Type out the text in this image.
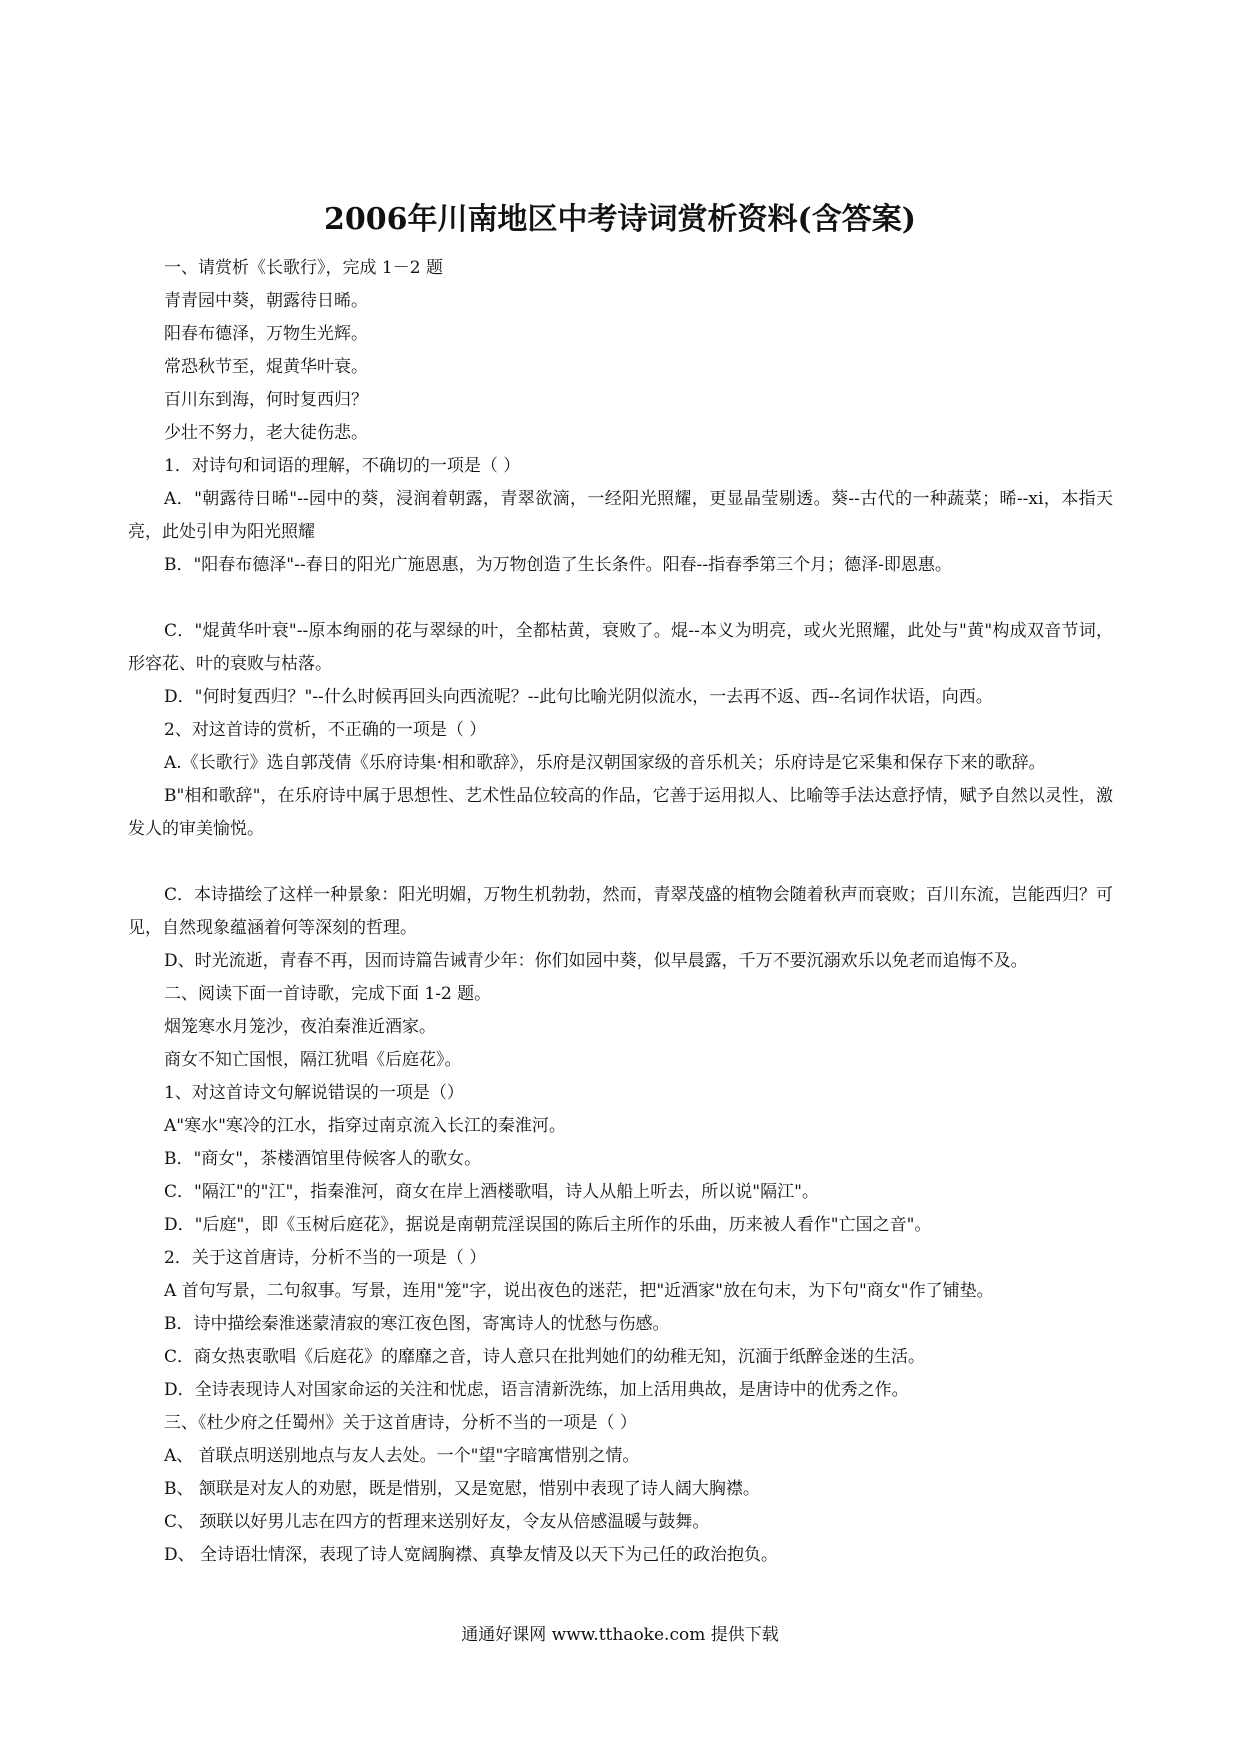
2006年川南地区中考诗词赏析资料(含答案)

一、请赏析《长歌行》，完成 1－2 题

青青园中葵，朝露待日晞。

阳春布德泽，万物生光辉。

常恐秋节至，焜黄华叶衰。

百川东到海，何时复西归？

少壮不努力，老大徒伤悲。

1．对诗句和词语的理解，不确切的一项是（ ）

A．"朝露待日晞"--园中的葵，浸润着朝露，青翠欲滴，一经阳光照耀，更显晶莹剔透。葵--古代的一种蔬菜；晞--xi，本指天亮，此处引申为阳光照耀

B．"阳春布德泽"--春日的阳光广施恩惠，为万物创造了生长条件。阳春--指春季第三个月；德泽-即恩惠。

C．"焜黄华叶衰"--原本绚丽的花与翠绿的叶，全都枯黄，衰败了。焜--本义为明亮，或火光照耀，此处与"黄"构成双音节词，形容花、叶的衰败与枯落。

D．"何时复西归？"--什么时候再回头向西流呢？--此句比喻光阴似流水，一去再不返、西--名词作状语，向西。

2、对这首诗的赏析，不正确的一项是（ ）

A.《长歌行》选自郭茂倩《乐府诗集·相和歌辞》，乐府是汉朝国家级的音乐机关；乐府诗是它采集和保存下来的歌辞。

B"相和歌辞"，在乐府诗中属于思想性、艺术性品位较高的作品，它善于运用拟人、比喻等手法达意抒情，赋予自然以灵性，激发人的审美愉悦。

C．本诗描绘了这样一种景象：阳光明媚，万物生机勃勃，然而，青翠茂盛的植物会随着秋声而衰败；百川东流，岂能西归？可见，自然现象蕴涵着何等深刻的哲理。

D、时光流逝，青春不再，因而诗篇告诫青少年：你们如园中葵，似早晨露，千万不要沉溺欢乐以免老而追悔不及。

二、阅读下面一首诗歌，完成下面 1-2 题。

烟笼寒水月笼沙，夜泊秦淮近酒家。

商女不知亡国恨，隔江犹唱《后庭花》。

1、对这首诗文句解说错误的一项是（）

A"寒水"寒冷的江水，指穿过南京流入长江的秦淮河。

B．"商女"，茶楼酒馆里侍候客人的歌女。

C．"隔江"的"江"，指秦淮河，商女在岸上酒楼歌唱，诗人从船上听去，所以说"隔江"。

D．"后庭"，即《玉树后庭花》，据说是南朝荒淫误国的陈后主所作的乐曲，历来被人看作"亡国之音"。

2．关于这首唐诗，分析不当的一项是（ ）

A 首句写景，二句叙事。写景，连用"笼"字，说出夜色的迷茫，把"近酒家"放在句末，为下句"商女"作了铺垫。

B．诗中描绘秦淮迷蒙清寂的寒江夜色图，寄寓诗人的忧愁与伤感。

C．商女热衷歌唱《后庭花》的靡靡之音，诗人意只在批判她们的幼稚无知，沉湎于纸醉金迷的生活。

D．全诗表现诗人对国家命运的关注和忧虑，语言清新洗练，加上活用典故，是唐诗中的优秀之作。

三、《杜少府之任蜀州》关于这首唐诗，分析不当的一项是（ ）

A、 首联点明送别地点与友人去处。一个"望"字暗寓惜别之情。

B、 颔联是对友人的劝慰，既是惜别，又是宽慰，惜别中表现了诗人阔大胸襟。

C、 颈联以好男儿志在四方的哲理来送别好友，令友从倍感温暖与鼓舞。

D、 全诗语壮情深，表现了诗人宽阔胸襟、真挚友情及以天下为己任的政治抱负。

通通好课网 www.tthaoke.com 提供下载
